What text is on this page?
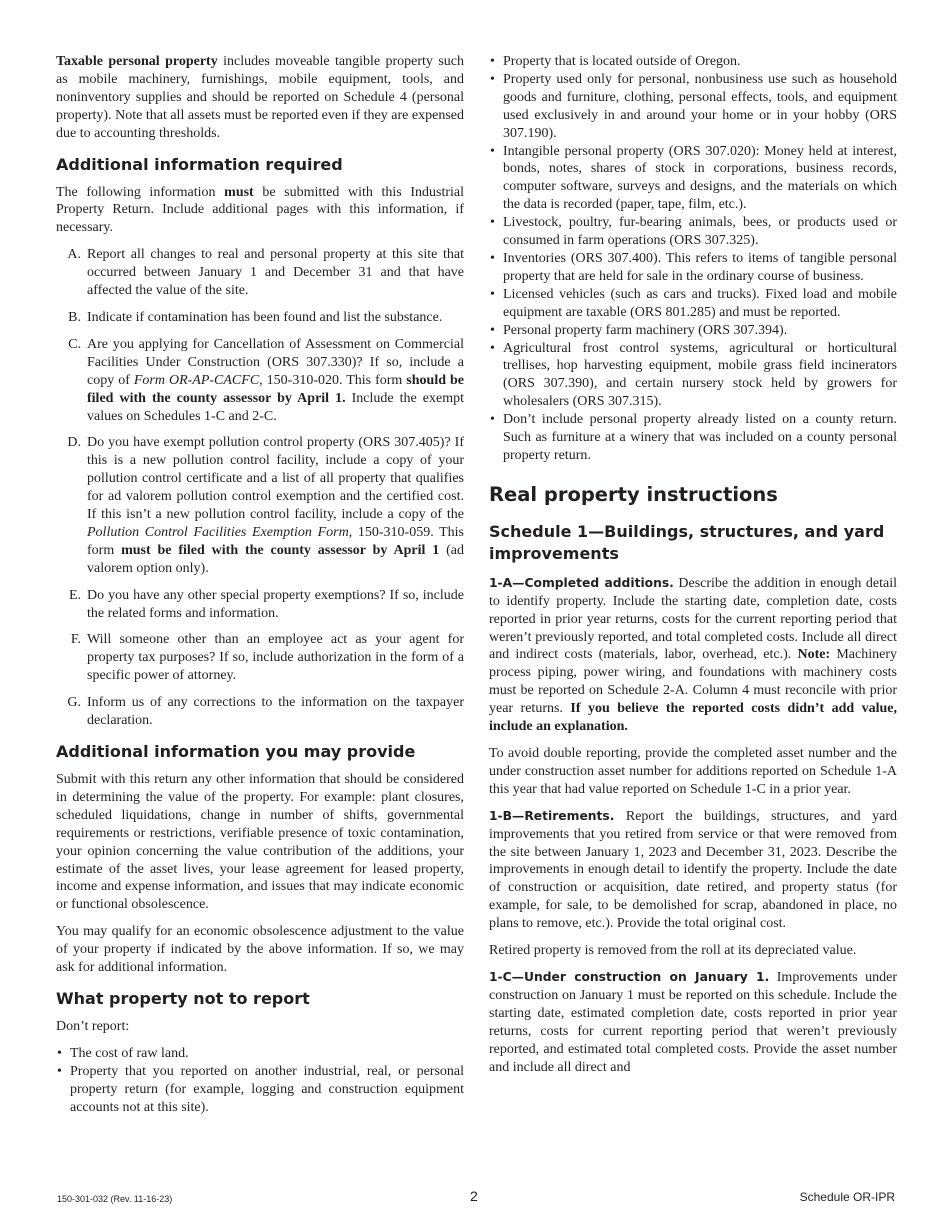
Taxable personal property includes moveable tangible property such as mobile machinery, furnishings, mobile equipment, tools, and noninventory supplies and should be reported on Schedule 4 (personal property). Note that all assets must be reported even if they are expensed due to accounting thresholds.

Additional information required

The following information must be submitted with this Industrial Property Return. Include additional pages with this information, if necessary.

A. Report all changes to real and personal property at this site that occurred between January 1 and December 31 and that have affected the value of the site.
B. Indicate if contamination has been found and list the substance.
C. Are you applying for Cancellation of Assessment on Commercial Facilities Under Construction (ORS 307.330)? If so, include a copy of Form OR-AP-CACFC, 150-310-020. This form should be filed with the county assessor by April 1. Include the exempt values on Schedules 1-C and 2-C.
D. Do you have exempt pollution control property (ORS 307.405)? If this is a new pollution control facility, include a copy of your pollution control certificate and a list of all property that qualifies for ad valorem pollution control exemption and the certified cost. If this isn’t a new pollution control facility, include a copy of the Pollution Control Facilities Exemption Form, 150-310-059. This form must be filed with the county assessor by April 1 (ad valorem option only).
E. Do you have any other special property exemptions? If so, include the related forms and information.
F. Will someone other than an employee act as your agent for property tax purposes? If so, include authorization in the form of a specific power of attorney.
G. Inform us of any corrections to the information on the taxpayer declaration.
Additional information you may provide

Submit with this return any other information that should be considered in determining the value of the property. For example: plant closures, scheduled liquidations, change in number of shifts, governmental requirements or restrictions, verifiable presence of toxic contamination, your opinion concerning the value contribution of the additions, your estimate of the asset lives, your lease agreement for leased property, income and expense information, and issues that may indicate economic or functional obsolescence.

You may qualify for an economic obsolescence adjustment to the value of your property if indicated by the above information. If so, we may ask for additional information.

What property not to report

Don’t report:

• The cost of raw land.
• Property that you reported on another industrial, real, or personal property return (for example, logging and construction equipment accounts not at this site).
• Property that is located outside of Oregon.
• Property used only for personal, nonbusiness use such as household goods and furniture, clothing, personal effects, tools, and equipment used exclusively in and around your home or in your hobby (ORS 307.190).
• Intangible personal property (ORS 307.020): Money held at interest, bonds, notes, shares of stock in corporations, business records, computer software, surveys and designs, and the materials on which the data is recorded (paper, tape, film, etc.).
• Livestock, poultry, fur-bearing animals, bees, or products used or consumed in farm operations (ORS 307.325).
• Inventories (ORS 307.400). This refers to items of tangible personal property that are held for sale in the ordinary course of business.
• Licensed vehicles (such as cars and trucks). Fixed load and mobile equipment are taxable (ORS 801.285) and must be reported.
• Personal property farm machinery (ORS 307.394).
• Agricultural frost control systems, agricultural or horticultural trellises, hop harvesting equipment, mobile grass field incinerators (ORS 307.390), and certain nursery stock held by growers for wholesalers (ORS 307.315).
• Don’t include personal property already listed on a county return. Such as furniture at a winery that was included on a county personal property return.
Real property instructions
Schedule 1—Buildings, structures, and yard improvements

1-A—Completed additions. Describe the addition in enough detail to identify property. Include the starting date, completion date, costs reported in prior year returns, costs for the current reporting period that weren’t previously reported, and total completed costs. Include all direct and indirect costs (materials, labor, overhead, etc.). Note: Machinery process piping, power wiring, and foundations with machinery costs must be reported on Schedule 2-A. Column 4 must reconcile with prior year returns. If you believe the reported costs didn’t add value, include an explanation.

To avoid double reporting, provide the completed asset number and the under construction asset number for additions reported on Schedule 1-A this year that had value reported on Schedule 1-C in a prior year.

1-B—Retirements. Report the buildings, structures, and yard improvements that you retired from service or that were removed from the site between January 1, 2023 and December 31, 2023. Describe the improvements in enough detail to identify the property. Include the date of construction or acquisition, date retired, and property status (for example, for sale, to be demolished for scrap, abandoned in place, no plans to remove, etc.). Provide the total original cost.

Retired property is removed from the roll at its depreciated value.

1-C—Under construction on January 1. Improvements under construction on January 1 must be reported on this schedule. Include the starting date, estimated completion date, costs reported in prior year returns, costs for current reporting period that weren’t previously reported, and estimated total completed costs. Provide the asset number and include all direct and

150-301-032 (Rev. 11-16-23)	2	Schedule OR-IPR
